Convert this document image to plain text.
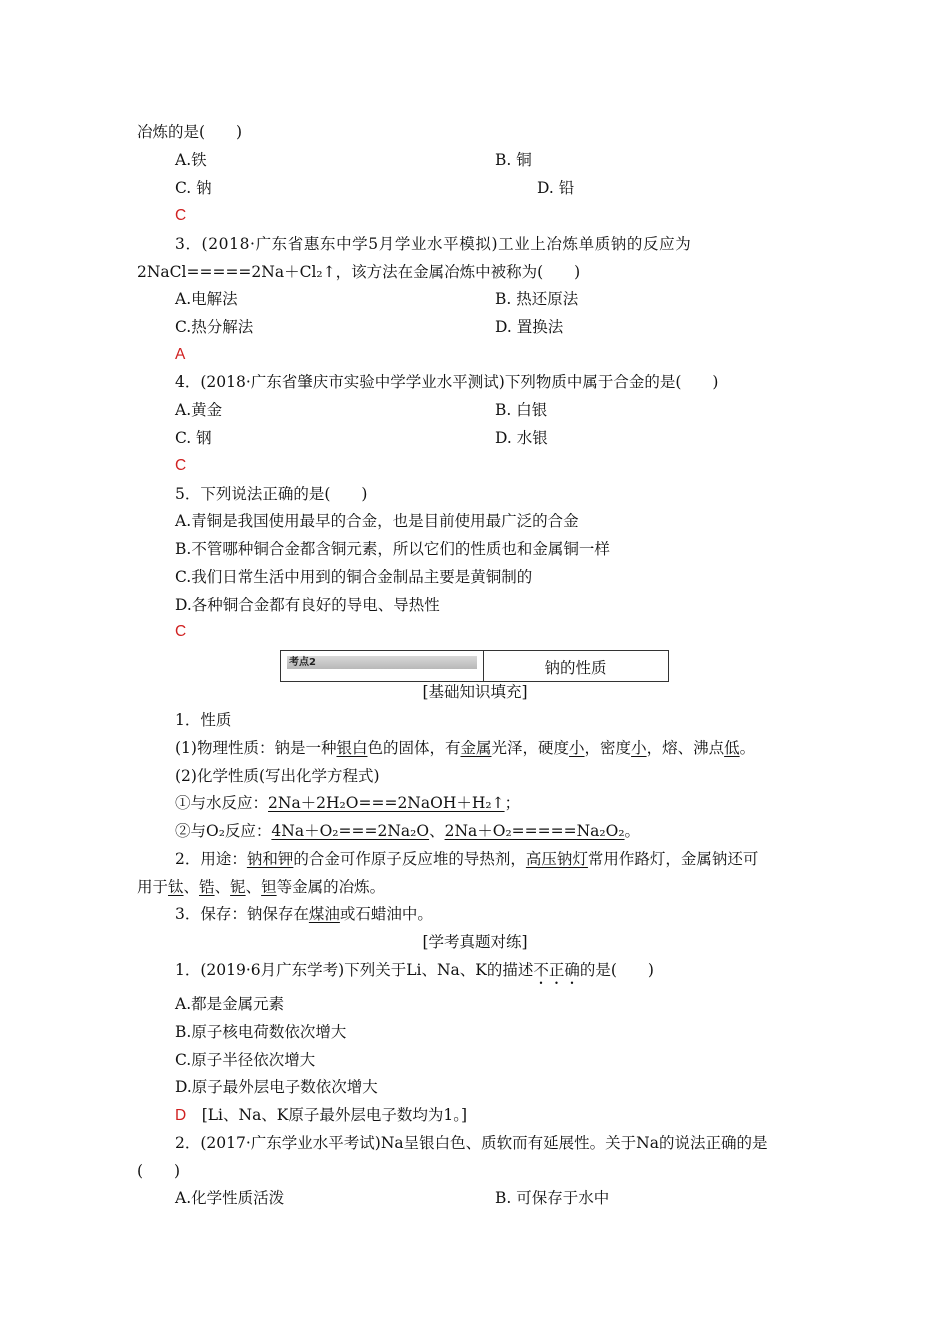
冶炼的是(　　)
A.铁	B. 铜
C. 钠	D. 铅
C
3．(2018·广东省惠东中学5月学业水平模拟)工业上冶炼单质钠的反应为
2NaCl=====2Na＋Cl₂↑，该方法在金属冶炼中被称为(　　)
A.电解法	B. 热还原法
C.热分解法	D. 置换法
A
4．(2018·广东省肇庆市实验中学学业水平测试)下列物质中属于合金的是(　　)
A.黄金	B. 白银
C. 钢	D. 水银
C
5．下列说法正确的是(　　)
A.青铜是我国使用最早的合金，也是目前使用最广泛的合金
B.不管哪种铜合金都含铜元素，所以它们的性质也和金属铜一样
C.我们日常生活中用到的铜合金制品主要是黄铜制的
D.各种铜合金都有良好的导电、导热性
C
考点2	钠的性质
[基础知识填充]
1．性质
(1)物理性质：钠是一种银白色的固体，有金属光泽，硬度小，密度小，熔、沸点低。
(2)化学性质(写出化学方程式)
①与水反应：2Na＋2H₂O===2NaOH＋H₂↑；
②与O₂反应：4Na＋O₂===2Na₂O、2Na＋O₂=====Na₂O₂。
2．用途：钠和钾的合金可作原子反应堆的导热剂，高压钠灯常用作路灯，金属钠还可
用于钛、锆、铌、钽等金属的冶炼。
3．保存：钠保存在煤油或石蜡油中。
[学考真题对练]
1．(2019·6月广东学考)下列关于Li、Na、K的描述不正确的是(　　)
A.都是金属元素
B.原子核电荷数依次增大
C.原子半径依次增大
D.原子最外层电子数依次增大
D   [Li、Na、K原子最外层电子数均为1。]
2．(2017·广东学业水平考试)Na呈银白色、质软而有延展性。关于Na的说法正确的是
(　　)
A.化学性质活泼	B. 可保存于水中
